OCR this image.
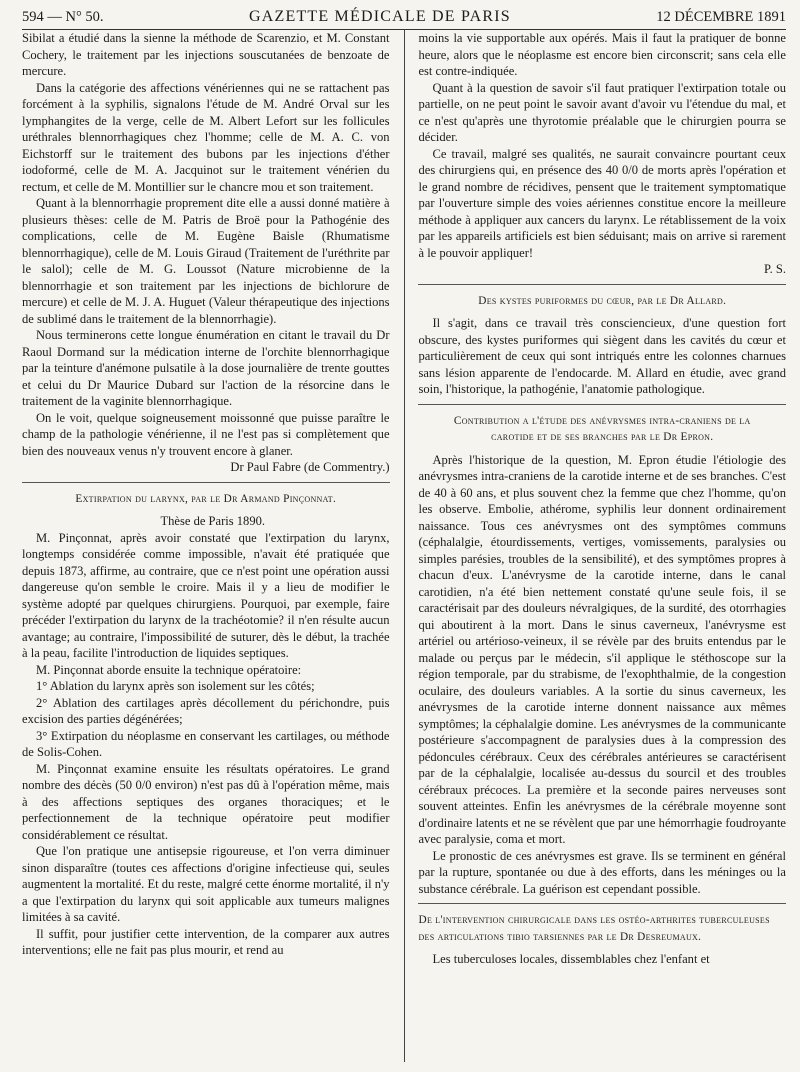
594 — N° 50.	GAZETTE MÉDICALE DE PARIS	12 DÉCEMBRE 1891

Sibilat a étudié dans la sienne la méthode de Scarenzio, et M. Constant Cochery, le traitement par les injections souscutanées de benzoate de mercure.

Dans la catégorie des affections vénériennes qui ne se rattachent pas forcément à la syphilis, signalons l'étude de M. André Orval sur les lymphangites de la verge, celle de M. Albert Lefort sur les follicules uréthrales blennorrhagiques chez l'homme; celle de M. A. C. von Eichstorff sur le traitement des bubons par les injections d'éther iodoformé, celle de M. A. Jacquinot sur le traitement vénérien du rectum, et celle de M. Montillier sur le chancre mou et son traitement.

Quant à la blennorrhagie proprement dite elle a aussi donné matière à plusieurs thèses: celle de M. Patris de Broë pour la Pathogénie des complications, celle de M. Eugène Baisle (Rhumatisme blennorrhagique), celle de M. Louis Giraud (Traitement de l'uréthrite par le salol); celle de M. G. Loussot (Nature microbienne de la blennorrhagie et son traitement par les injections de bichlorure de mercure) et celle de M. J. A. Huguet (Valeur thérapeutique des injections de sublimé dans le traitement de la blennorrhagie).

Nous terminerons cette longue énumération en citant le travail du Dr Raoul Dormand sur la médication interne de l'orchite blennorrhagique par la teinture d'anémone pulsatile à la dose journalière de trente gouttes et celui du Dr Maurice Dubard sur l'action de la résorcine dans le traitement de la vaginite blennorrhagique.

On le voit, quelque soigneusement moissonné que puisse paraître le champ de la pathologie vénérienne, il ne l'est pas si complètement que bien des nouveaux venus n'y trouvent encore à glaner.

Dr Paul Fabre (de Commentry.)

Extirpation du larynx, par le Dr Armand Pinçonnat.

Thèse de Paris 1890.

M. Pinçonnat, après avoir constaté que l'extirpation du larynx, longtemps considérée comme impossible, n'avait été pratiquée que depuis 1873, affirme, au contraire, que ce n'est point une opération aussi dangereuse qu'on semble le croire. Mais il y a lieu de modifier le système adopté par quelques chirurgiens. Pourquoi, par exemple, faire précéder l'extirpation du larynx de la trachéotomie? il n'en résulte aucun avantage; au contraire, l'impossibilité de suturer, dès le début, la trachée à la peau, facilite l'introduction de liquides septiques.

M. Pinçonnat aborde ensuite la technique opératoire:

1° Ablation du larynx après son isolement sur les côtés;

2° Ablation des cartilages après décollement du périchondre, puis excision des parties dégénérées;

3° Extirpation du néoplasme en conservant les cartilages, ou méthode de Solis-Cohen.

M. Pinçonnat examine ensuite les résultats opératoires. Le grand nombre des décès (50 0/0 environ) n'est pas dû à l'opération même, mais à des affections septiques des organes thoraciques; et le perfectionnement de la technique opératoire peut modifier considérablement ce résultat.

Que l'on pratique une antisepsie rigoureuse, et l'on verra diminuer sinon disparaître (toutes ces affections d'origine infectieuse qui, seules augmentent la mortalité. Et du reste, malgré cette énorme mortalité, il n'y a que l'extirpation du larynx qui soit applicable aux tumeurs malignes limitées à sa cavité.

Il suffit, pour justifier cette intervention, de la comparer aux autres interventions; elle ne fait pas plus mourir, et rend au

moins la vie supportable aux opérés. Mais il faut la pratiquer de bonne heure, alors que le néoplasme est encore bien circonscrit; sans cela elle est contre-indiquée.

Quant à la question de savoir s'il faut pratiquer l'extirpation totale ou partielle, on ne peut point le savoir avant d'avoir vu l'étendue du mal, et ce n'est qu'après une thyrotomie préalable que le chirurgien pourra se décider.

Ce travail, malgré ses qualités, ne saurait convaincre pourtant ceux des chirurgiens qui, en présence des 40 0/0 de morts après l'opération et le grand nombre de récidives, pensent que le traitement symptomatique par l'ouverture simple des voies aériennes constitue encore la meilleure méthode à appliquer aux cancers du larynx. Le rétablissement de la voix par les appareils artificiels est bien séduisant; mais on arrive si rarement à le pouvoir appliquer!

P. S.

Des kystes puriformes du cœur, par le Dr Allard.

Il s'agit, dans ce travail très consciencieux, d'une question fort obscure, des kystes puriformes qui siègent dans les cavités du cœur et particulièrement de ceux qui sont intriqués entre les colonnes charnues sans lésion apparente de l'endocarde. M. Allard en étudie, avec grand soin, l'historique, la pathogénie, l'anatomie pathologique.

Contribution a l'étude des anévrysmes intra-craniens de la
carotide et de ses branches par le Dr Epron.

Après l'historique de la question, M. Epron étudie l'étiologie des anévrysmes intra-craniens de la carotide interne et de ses branches. C'est de 40 à 60 ans, et plus souvent chez la femme que chez l'homme, qu'on les observe. Embolie, athérome, syphilis leur donnent ordinairement naissance. Tous ces anévrysmes ont des symptômes communs (céphalalgie, étourdissements, vertiges, vomissements, paralysies ou simples parésies, troubles de la sensibilité), et des symptômes propres à chacun d'eux. L'anévrysme de la carotide interne, dans le canal carotidien, n'a été bien nettement constaté qu'une seule fois, il se caractérisait par des douleurs névralgiques, de la surdité, des otorrhagies qui aboutirent à la mort. Dans le sinus caverneux, l'anévrysme est artériel ou artérioso-veineux, il se révèle par des bruits entendus par le malade ou perçus par le médecin, s'il applique le stéthoscope sur la région temporale, par du strabisme, de l'exophthalmie, de la congestion oculaire, des douleurs variables. A la sortie du sinus caverneux, les anévrysmes de la carotide interne donnent naissance aux mêmes symptômes; la céphalalgie domine. Les anévrysmes de la communicante postérieure s'accompagnent de paralysies dues à la compression des pédoncules cérébraux. Ceux des cérébrales antérieures se caractérisent par de la céphalalgie, localisée au-dessus du sourcil et des troubles cérébraux précoces. La première et la seconde paires nerveuses sont souvent atteintes. Enfin les anévrysmes de la cérébrale moyenne sont d'ordinaire latents et ne se révèlent que par une hémorrhagie foudroyante avec paralysie, coma et mort.

Le pronostic de ces anévrysmes est grave. Ils se terminent en général par la rupture, spontanée ou due à des efforts, dans les méninges ou la substance cérébrale. La guérison est cependant possible.

De l'intervention chirurgicale dans les ostéo-arthrites tuberculeuses des articulations tibio tarsiennes par le Dr Desreumaux.

Les tuberculoses locales, dissemblables chez l'enfant et
